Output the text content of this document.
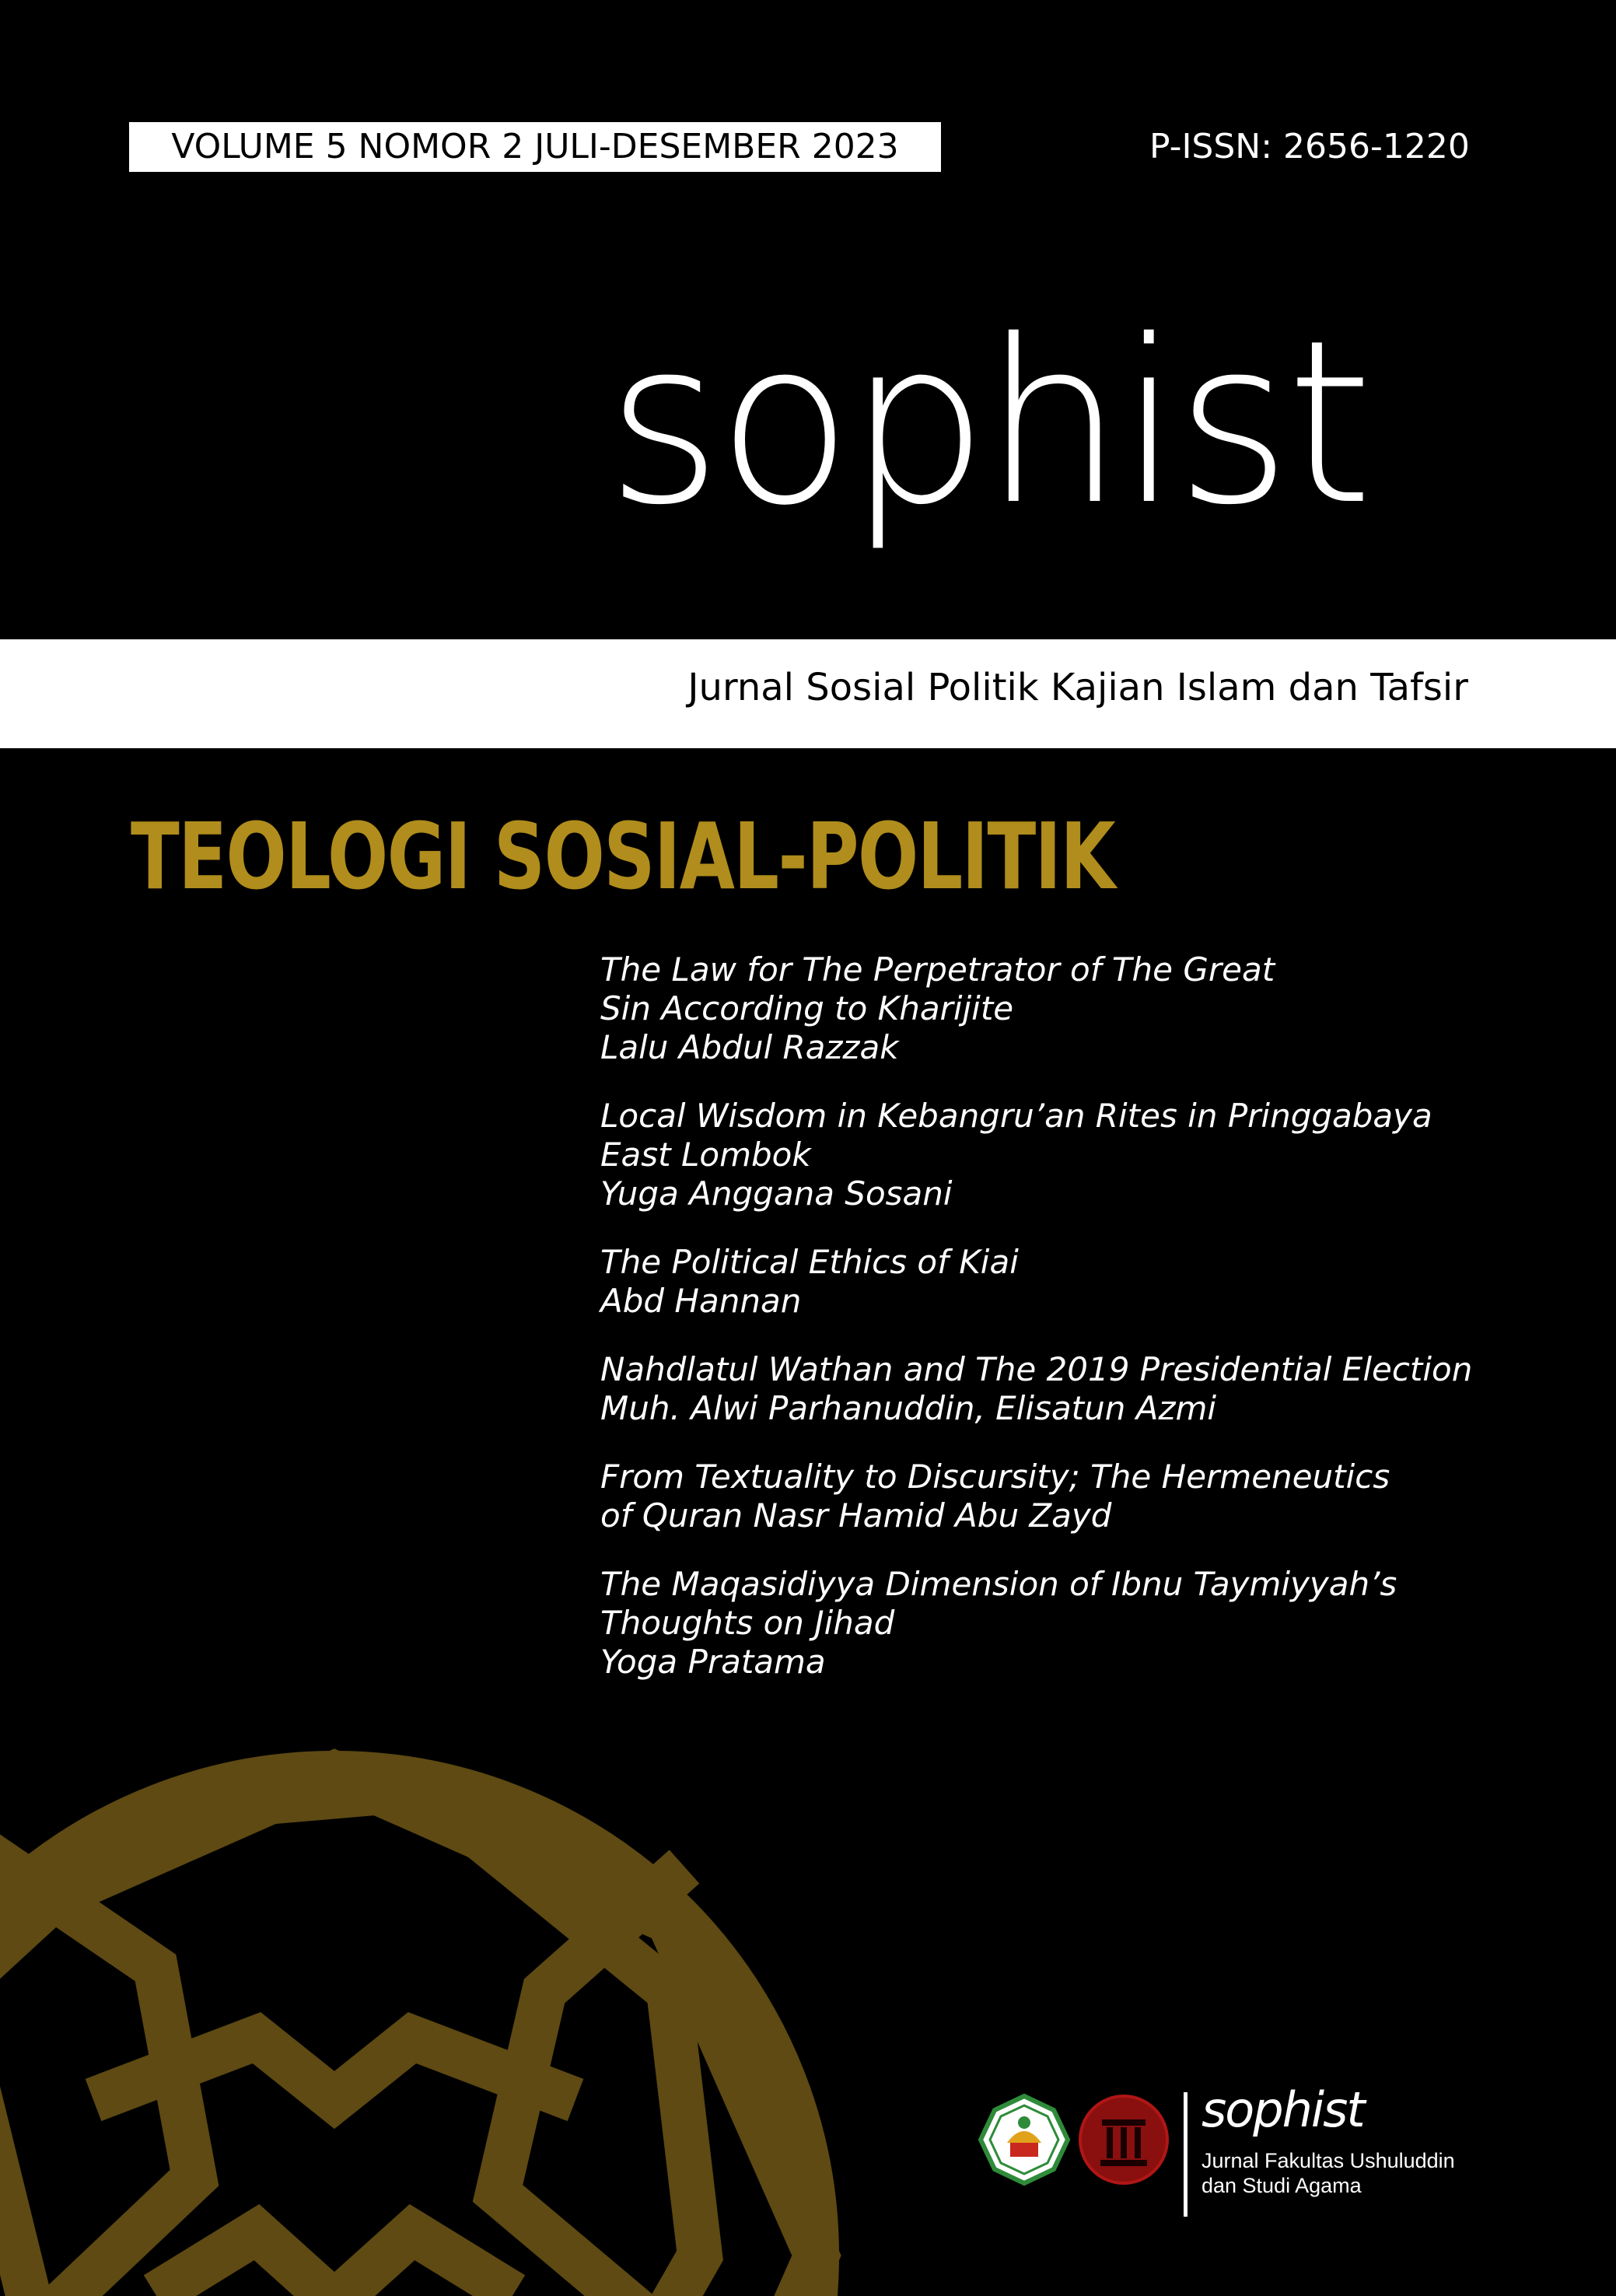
VOLUME 5 NOMOR 2 JULI-DESEMBER 2023	P-ISSN: 2656-1220
sophist
Jurnal Sosial Politik Kajian Islam dan Tafsir
TEOLOGI SOSIAL-POLITIK
The Law for The Perpetrator of The Great
Sin According to Kharijite
Lalu Abdul Razzak
Local Wisdom in Kebangru’an Rites in Pringgabaya
East Lombok
Yuga Anggana Sosani
The Political Ethics of Kiai
Abd Hannan
Nahdlatul Wathan and The 2019 Presidential Election
Muh. Alwi Parhanuddin, Elisatun Azmi
From Textuality to Discursity; The Hermeneutics
of Quran Nasr Hamid Abu Zayd
The Maqasidiyya Dimension of Ibnu Taymiyyah’s
Thoughts on Jihad
Yoga Pratama
sophist
Jurnal Fakultas Ushuluddin
dan Studi Agama
